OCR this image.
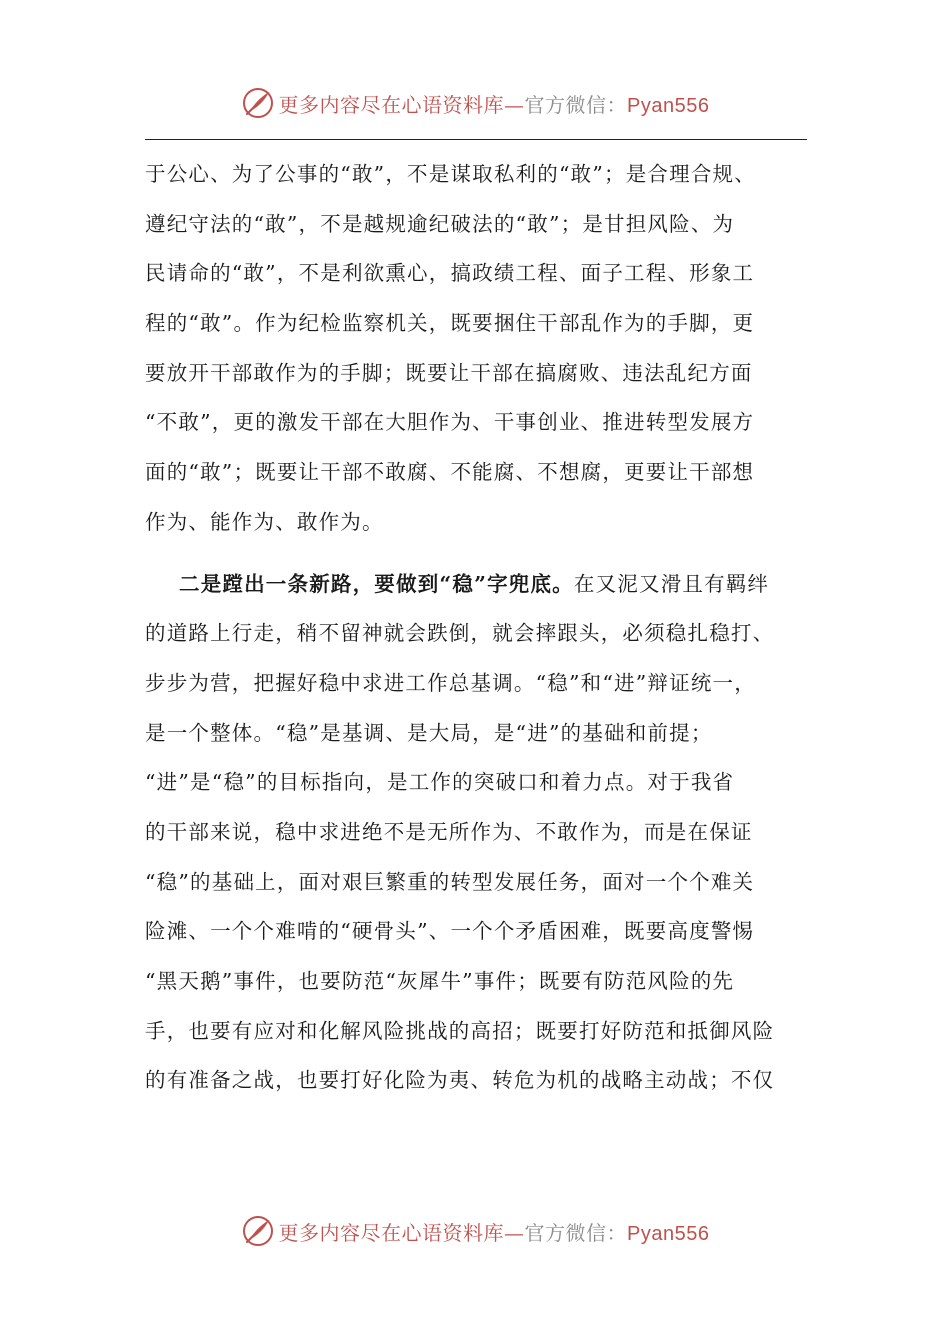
更多内容尽在心语资料库—官方微信：Pyan556
于公心、为了公事的“敢”，不是谋取私利的“敢”；是合理合规、
遵纪守法的“敢”，不是越规逾纪破法的“敢”；是甘担风险、为
民请命的“敢”，不是利欲熏心，搞政绩工程、面子工程、形象工
程的“敢”。作为纪检监察机关，既要捆住干部乱作为的手脚，更
要放开干部敢作为的手脚；既要让干部在搞腐败、违法乱纪方面
“不敢”，更的激发干部在大胆作为、干事创业、推进转型发展方
面的“敢”；既要让干部不敢腐、不能腐、不想腐，更要让干部想
作为、能作为、敢作为。
二是蹚出一条新路，要做到“稳”字兜底。在又泥又滑且有羁绊
的道路上行走，稍不留神就会跌倒，就会摔跟头，必须稳扎稳打、
步步为营，把握好稳中求进工作总基调。“稳”和“进”辩证统一，
是一个整体。“稳”是基调、是大局，是“进”的基础和前提；
“进”是“稳”的目标指向，是工作的突破口和着力点。对于我省
的干部来说，稳中求进绝不是无所作为、不敢作为，而是在保证
“稳”的基础上，面对艰巨繁重的转型发展任务，面对一个个难关
险滩、一个个难啃的“硬骨头”、一个个矛盾困难，既要高度警惕
“黑天鹅”事件，也要防范“灰犀牛”事件；既要有防范风险的先
手，也要有应对和化解风险挑战的高招；既要打好防范和抵御风险
的有准备之战，也要打好化险为夷、转危为机的战略主动战；不仅
更多内容尽在心语资料库—官方微信：Pyan556
